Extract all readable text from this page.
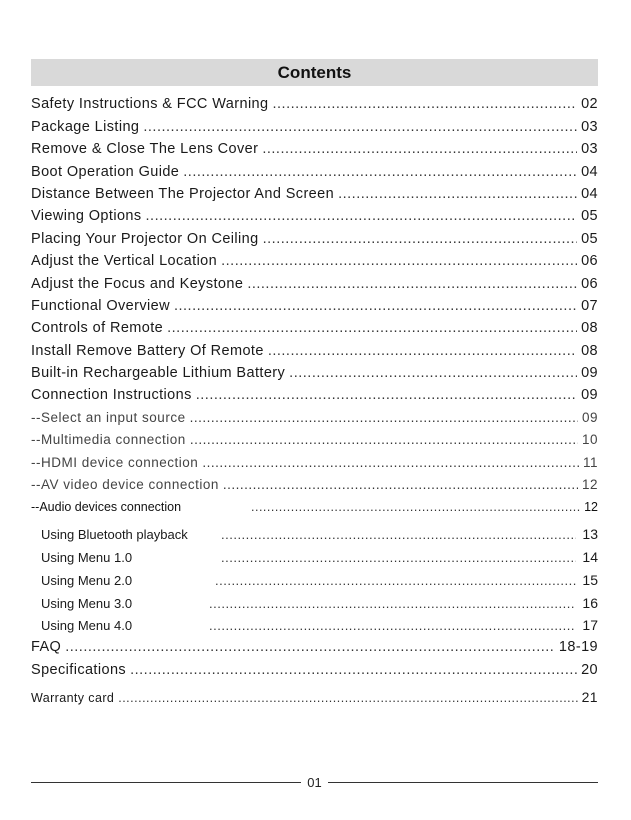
Contents
Safety Instructions & FCC Warning .....	02
Package Listing .....	03
Remove & Close The Lens Cover .....	03
Boot Operation Guide .....	04
Distance Between The Projector And Screen .....	04
Viewing Options .....	05
Placing Your Projector On Ceiling .....	05
Adjust the Vertical Location .....	06
Adjust the Focus and Keystone .....	06
Functional Overview .....	07
Controls of Remote .....	08
Install Remove Battery Of Remote .....	08
Built-in Rechargeable Lithium Battery .....	09
Connection Instructions .....	09
--Select an input source .....	09
--Multimedia connection .....	10
--HDMI device connection .....	11
--AV video device connection .....	12
--Audio devices connection .....	12
Using Bluetooth playback .....	13
Using Menu 1.0 .....	14
Using Menu 2.0 .....	15
Using Menu 3.0 .....	16
Using Menu 4.0 .....	17
FAQ .....	18-19
Specifications .....	20
Warranty card .....	21
01
